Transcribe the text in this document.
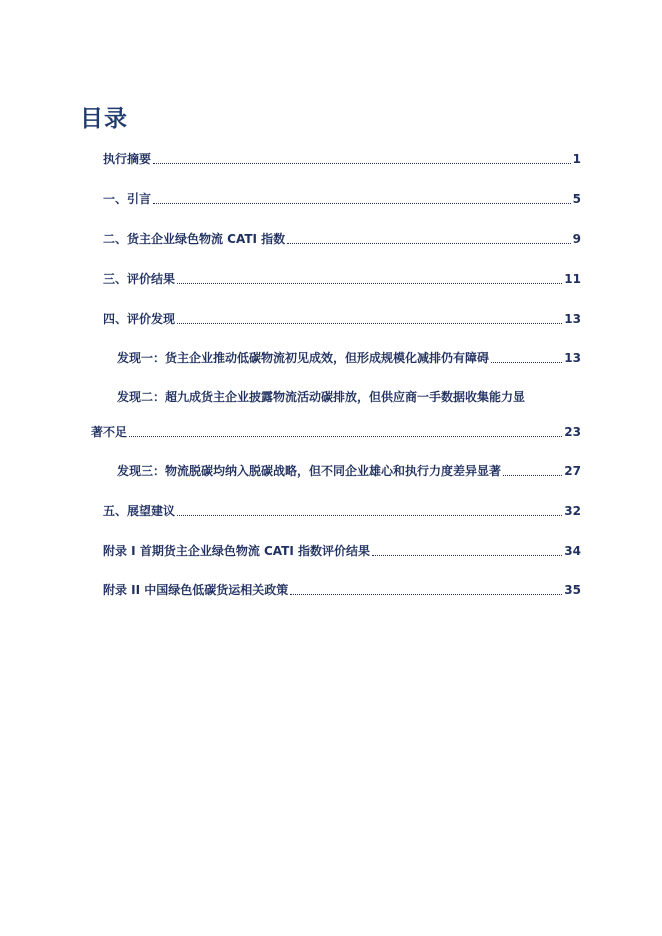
目录
执行摘要	1
一、引言	5
二、货主企业绿色物流 CATI 指数	9
三、评价结果	11
四、评价发现	13
发现一：货主企业推动低碳物流初见成效，但形成规模化减排仍有障碍	13
发现二：超九成货主企业披露物流活动碳排放，但供应商一手数据收集能力显
著不足	23
发现三：物流脱碳均纳入脱碳战略，但不同企业雄心和执行力度差异显著	27
五、展望建议	32
附录 I 首期货主企业绿色物流 CATI 指数评价结果	34
附录 II 中国绿色低碳货运相关政策	35
